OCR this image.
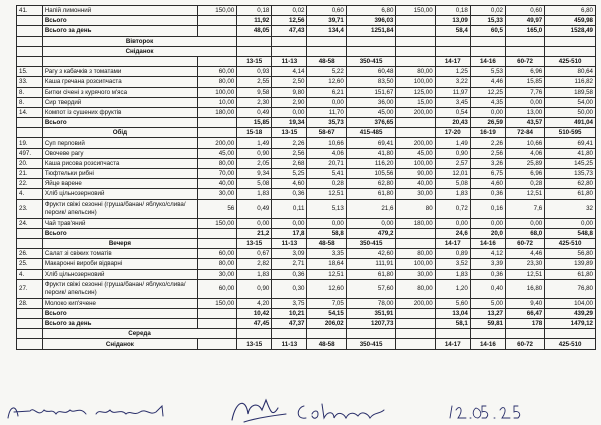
41.	Напій лимонний	150,00	0,18	0,02	0,60	6,80	150,00	0,18	0,02	0,60	6,80
	Всього		11,92	12,56	39,71	396,03		13,09	15,33	49,97	459,98
	Всього за день		48,05	47,43	134,4	1251,84		58,4	60,5	165,0	1528,49
	Вівторок										
	Сніданок										
			13-15	11-13	48-58	350-415		14-17	14-16	60-72	425-510
15.	Рагу з кабачків з томатами	60,00	0,93	4,14	5,22	60,48	80,00	1,25	5,53	6,96	80,64
33.	Каша гречана розсипчаста	80,00	2,55	2,50	12,60	83,50	100,00	3,22	4,46	15,85	116,82
8.	Битки січені з курячого м'яса	100,00	9,58	9,80	6,21	151,67	125,00	11,97	12,25	7,76	189,58
8.	Сир твердий	10,00	2,30	2,90	0,00	36,00	15,00	3,45	4,35	0,00	54,00
14.	Компот із сушених фруктів	180,00	0,49	0,00	11,70	45,00	200,00	0,54	0,00	13,00	50,00
	Всього		15,85	19,34	35,73	376,65		20,43	26,59	43,57	491,04
	Обід		15-18	13-15	58-67	415-485		17-20	16-19	72-84	510-595
19.	Суп перловий	200,00	1,49	2,26	10,66	69,41	200,00	1,49	2,26	10,66	69,41
497.	Овочеве рагу	45,00	0,90	2,56	4,06	41,80	45,00	0,90	2,56	4,06	41,80
20.	Каша рисова розсипчаста	80,00	2,05	2,68	20,71	116,20	100,00	2,57	3,26	25,89	145,25
21.	Тюфтельки рибні	70,00	9,34	5,25	5,41	105,56	90,00	12,01	6,75	6,96	135,73
22.	Яйце варене	40,00	5,08	4,60	0,28	62,80	40,00	5,08	4,60	0,28	62,80
4.	Хліб цільнозерновий	30,00	1,83	0,36	12,51	61,80	30,00	1,83	0,36	12,51	61,80
23.	Фрукти свіжі сезонні (груша/банан/ яблуко/слива/персик/ апельсин)	56	0,49	0,11	5,13	21,6	80	0,72	0,16	7,6	32
24.	Чай трав'яний	150,00	0,00	0,00	0,00	0,00	180,00	0,00	0,00	0,00	0,00
	Всього		21,2	17,8	58,8	479,2		24,6	20,0	68,0	548,8
	Вечеря		13-15	11-13	48-58	350-415		14-17	14-16	60-72	425-510
26.	Салат зі свіжих томатів	60,00	0,67	3,09	3,35	42,60	80,00	0,89	4,12	4,46	56,80
25.	Макаронні вироби відварні	80,00	2,82	2,71	18,64	111,91	100,00	3,52	3,39	23,30	139,89
4.	Хліб цільнозерновий	30,00	1,83	0,36	12,51	61,80	30,00	1,83	0,36	12,51	61,80
27.	Фрукти свіжі сезонні (груша/банан/ яблуко/слива/персик/ апельсин)	60,00	0,90	0,30	12,60	57,60	80,00	1,20	0,40	16,80	76,80
28.	Молоко кип'ячене	150,00	4,20	3,75	7,05	78,00	200,00	5,60	5,00	9,40	104,00
	Всього		10,42	10,21	54,15	351,91		13,04	13,27	66,47	439,29
	Всього за день		47,45	47,37	206,02	1207,73		58,1	59,81	178	1479,12
	Середа										
	Сніданок		13-15	11-13	48-58	350-415		14-17	14-16	60-72	425-510
